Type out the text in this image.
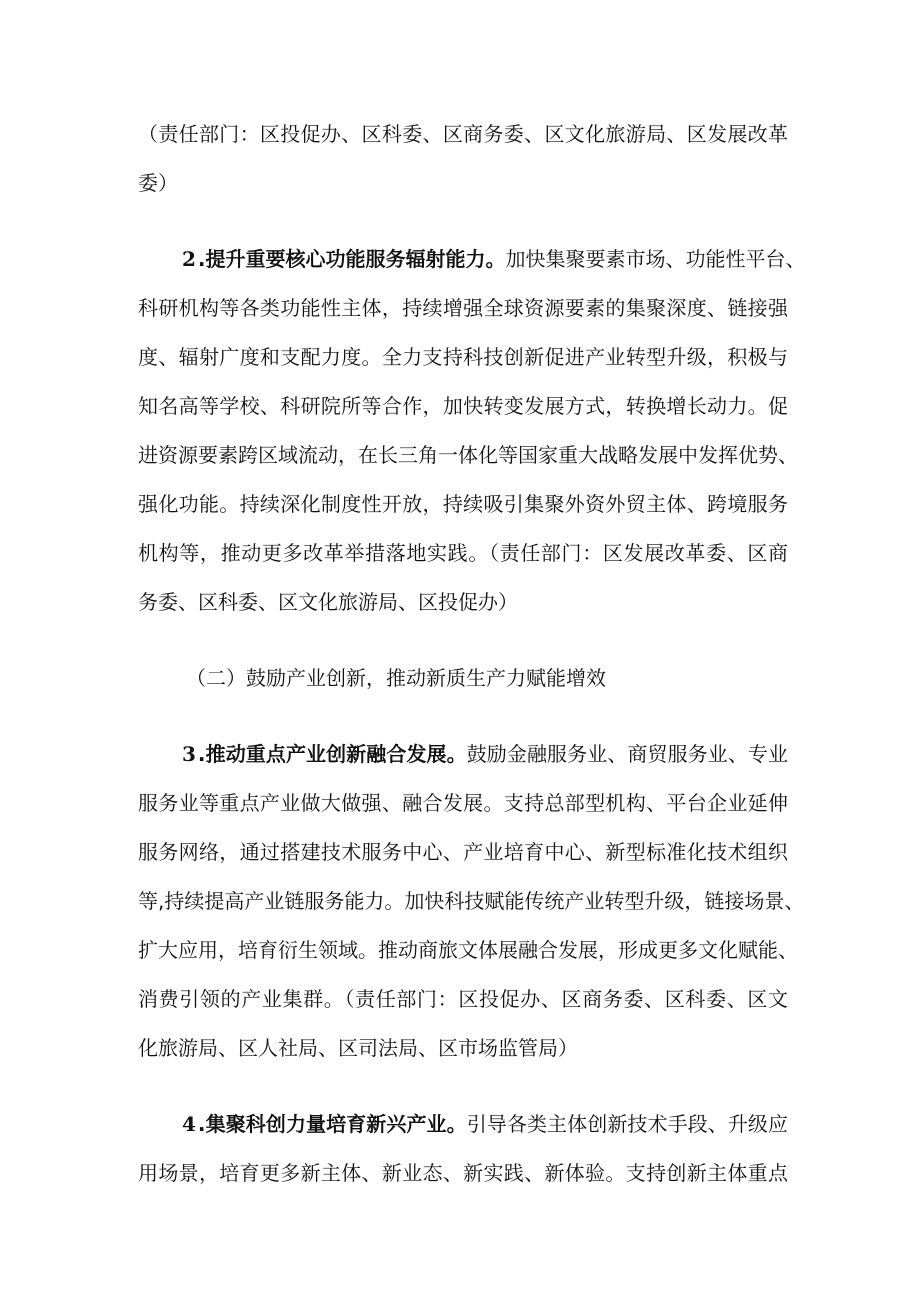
（责任部门：区投促办、区科委、区商务委、区文化旅游局、区发展改革
委）
2 .提升重要核心功能服务辐射能力。加快集聚要素市场、功能性平台、
科研机构等各类功能性主体，持续增强全球资源要素的集聚深度、链接强
度、辐射广度和支配力度。全力支持科技创新促进产业转型升级，积极与
知名高等学校、科研院所等合作，加快转变发展方式，转换增长动力。促
进资源要素跨区域流动，在长三角一体化等国家重大战略发展中发挥优势、
强化功能。持续深化制度性开放，持续吸引集聚外资外贸主体、跨境服务
机构等，推动更多改革举措落地实践。（责任部门：区发展改革委、区商
务委、区科委、区文化旅游局、区投促办）
（二）鼓励产业创新，推动新质生产力赋能增效
3 .推动重点产业创新融合发展。鼓励金融服务业、商贸服务业、专业
服务业等重点产业做大做强、融合发展。支持总部型机构、平台企业延伸
服务网络，通过搭建技术服务中心、产业培育中心、新型标准化技术组织
等,持续提高产业链服务能力。加快科技赋能传统产业转型升级，链接场景、
扩大应用，培育衍生领域。推动商旅文体展融合发展，形成更多文化赋能、
消费引领的产业集群。（责任部门：区投促办、区商务委、区科委、区文
化旅游局、区人社局、区司法局、区市场监管局）
4 .集聚科创力量培育新兴产业。引导各类主体创新技术手段、升级应
用场景，培育更多新主体、新业态、新实践、新体验。支持创新主体重点
